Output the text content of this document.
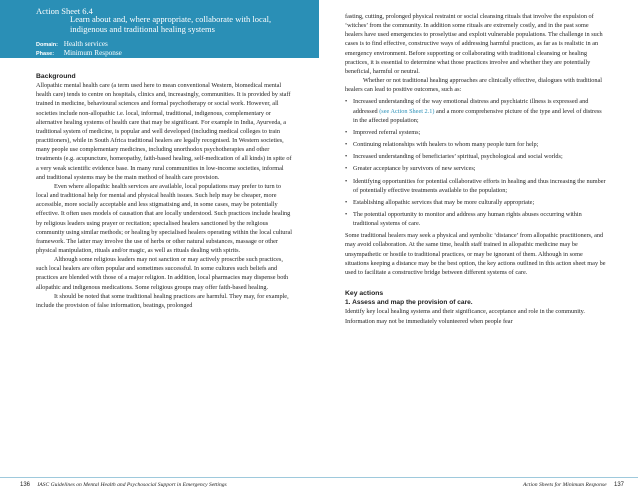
Action Sheet 6.4
Learn about and, where appropriate, collaborate with local, indigenous and traditional healing systems
Domain: Health services
Phase: Minimum Response

Background

Allopathic mental health care (a term used here to mean conventional Western, biomedical mental health care) tends to centre on hospitals, clinics and, increasingly, communities. It is provided by staff trained in medicine, behavioural sciences and formal psychotherapy or social work. However, all societies include non-allopathic i.e. local, informal, traditional, indigenous, complementary or alternative healing systems of health care that may be significant. For example in India, Ayurveda, a traditional system of medicine, is popular and well developed (including medical colleges to train practitioners), while in South Africa traditional healers are legally recognised. In Western societies, many people use complementary medicines, including unorthodox psychotherapies and other treatments (e.g. acupuncture, homeopathy, faith-based healing, self-medication of all kinds) in spite of a very weak scientific evidence base. In many rural communities in low-income societies, informal and traditional systems may be the main method of health care provision.

Even where allopathic health services are available, local populations may prefer to turn to local and traditional help for mental and physical health issues. Such help may be cheaper, more accessible, more socially acceptable and less stigmatising and, in some cases, may be potentially effective. It often uses models of causation that are locally understood. Such practices include healing by religious leaders using prayer or recitation; specialised healers sanctioned by the religious community using similar methods; or healing by specialised healers operating within the local cultural framework. The latter may involve the use of herbs or other natural substances, massage or other physical manipulation, rituals and/or magic, as well as rituals dealing with spirits.

Although some religious leaders may not sanction or may actively proscribe such practices, such local healers are often popular and sometimes successful. In some cultures such beliefs and practices are blended with those of a major religion. In addition, local pharmacies may dispense both allopathic and indigenous medications. Some religious groups may offer faith-based healing.

It should be noted that some traditional healing practices are harmful. They may, for example, include the provision of false information, beatings, prolonged

136 IASC Guidelines on Mental Health and Psychosocial Support in Emergency Settings

fasting, cutting, prolonged physical restraint or social cleansing rituals that involve the expulsion of ‘witches’ from the community. In addition some rituals are extremely costly, and in the past some healers have used emergencies to proselytise and exploit vulnerable populations. The challenge in such cases is to find effective, constructive ways of addressing harmful practices, as far as is realistic in an emergency environment. Before supporting or collaborating with traditional cleansing or healing practices, it is essential to determine what those practices involve and whether they are potentially beneficial, harmful or neutral.

Whether or not traditional healing approaches are clinically effective, dialogues with traditional healers can lead to positive outcomes, such as:

• Increased understanding of the way emotional distress and psychiatric illness is expressed and addressed (see Action Sheet 2.1) and a more comprehensive picture of the type and level of distress in the affected population;

• Improved referral systems;

• Continuing relationships with healers to whom many people turn for help;

• Increased understanding of beneficiaries’ spiritual, psychological and social worlds;

• Greater acceptance by survivors of new services;

• Identifying opportunities for potential collaborative efforts in healing and thus increasing the number of potentially effective treatments available to the population;

• Establishing allopathic services that may be more culturally appropriate;

• The potential opportunity to monitor and address any human rights abuses occurring within traditional systems of care.

Some traditional healers may seek a physical and symbolic ‘distance’ from allopathic practitioners, and may avoid collaboration. At the same time, health staff trained in allopathic medicine may be unsympathetic or hostile to traditional practices, or may be ignorant of them. Although in some situations keeping a distance may be the best option, the key actions outlined in this action sheet may be used to facilitate a constructive bridge between different systems of care.

Key actions

1. Assess and map the provision of care.

Identify key local healing systems and their significance, acceptance and role in the community. Information may not be immediately volunteered when people fear

Action Sheets for Minimum Response 137
